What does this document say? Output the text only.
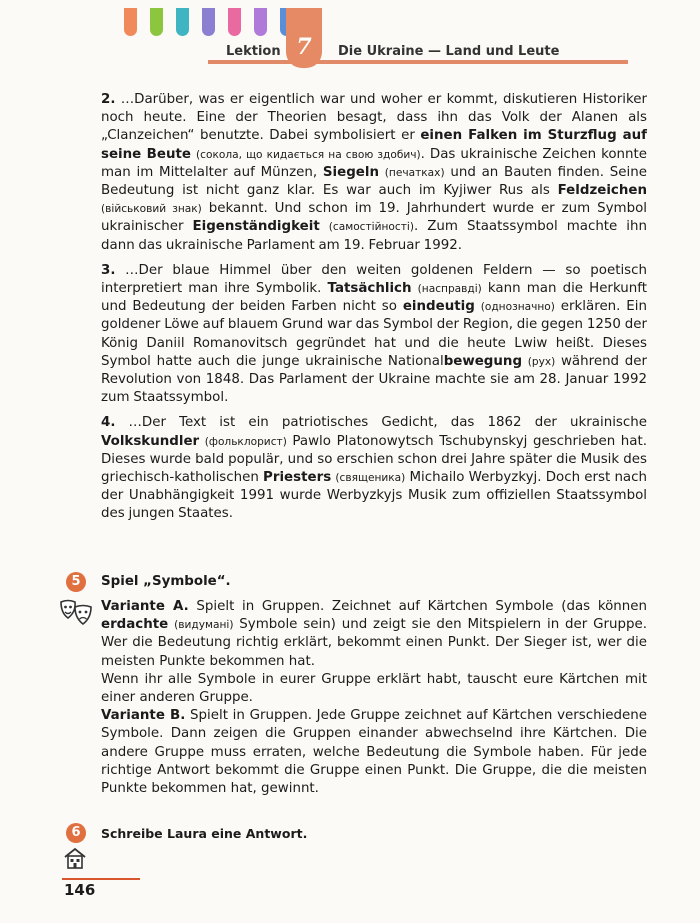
Lektion 7	Die Ukraine — Land und Leute

2. …Darüber, was er eigentlich war und woher er kommt, diskutieren Historiker noch heute. Eine der Theorien besagt, dass ihn das Volk der Alanen als „Clanzeichen“ benutzte. Dabei symbolisiert er einen Falken im Sturzflug auf seine Beute (сокола, що кидається на свою здобич). Das ukrainische Zeichen konnte man im Mittelalter auf Münzen, Siegeln (печатках) und an Bauten finden. Seine Bedeutung ist nicht ganz klar. Es war auch im Kyjiwer Rus als Feldzeichen (військовий знак) bekannt. Und schon im 19. Jahrhundert wurde er zum Symbol ukrainischer Eigenständigkeit (самостійності). Zum Staatssymbol machte ihn dann das ukrainische Parlament am 19. Februar 1992.

3. …Der blaue Himmel über den weiten goldenen Feldern — so poetisch interpretiert man ihre Symbolik. Tatsächlich (насправді) kann man die Herkunft und Bedeutung der beiden Farben nicht so eindeutig (однозначно) erklären. Ein goldener Löwe auf blauem Grund war das Symbol der Region, die gegen 1250 der König Daniil Romanovitsch gegründet hat und die heute Lwiw heißt. Dieses Symbol hatte auch die junge ukrainische Nationalbewegung (рух) während der Revolution von 1848. Das Parlament der Ukraine machte sie am 28. Januar 1992 zum Staatssymbol.

4. …Der Text ist ein patriotisches Gedicht, das 1862 der ukrainische Volkskundler (фольклорист) Pawlo Platonowytsch Tschubynskyj geschrieben hat. Dieses wurde bald populär, und so erschien schon drei Jahre später die Musik des griechisch-katholischen Priesters (священика) Michailo Werbyzkyj. Doch erst nach der Unabhängigkeit 1991 wurde Werbyzkyjs Musik zum offiziellen Staatssymbol des jungen Staates.

5	Spiel „Symbole“.
Variante A. Spielt in Gruppen. Zeichnet auf Kärtchen Symbole (das können erdachte (видумані) Symbole sein) und zeigt sie den Mitspielern in der Gruppe. Wer die Bedeutung richtig erklärt, bekommt einen Punkt. Der Sieger ist, wer die meisten Punkte bekommen hat.
Wenn ihr alle Symbole in eurer Gruppe erklärt habt, tauscht eure Kärtchen mit einer anderen Gruppe.
Variante B. Spielt in Gruppen. Jede Gruppe zeichnet auf Kärtchen verschiedene Symbole. Dann zeigen die Gruppen einander abwechselnd ihre Kärtchen. Die andere Gruppe muss erraten, welche Bedeutung die Symbole haben. Für jede richtige Antwort bekommt die Gruppe einen Punkt. Die Gruppe, die die meisten Punkte bekommen hat, gewinnt.
6	Schreibe Laura eine Antwort.
146
